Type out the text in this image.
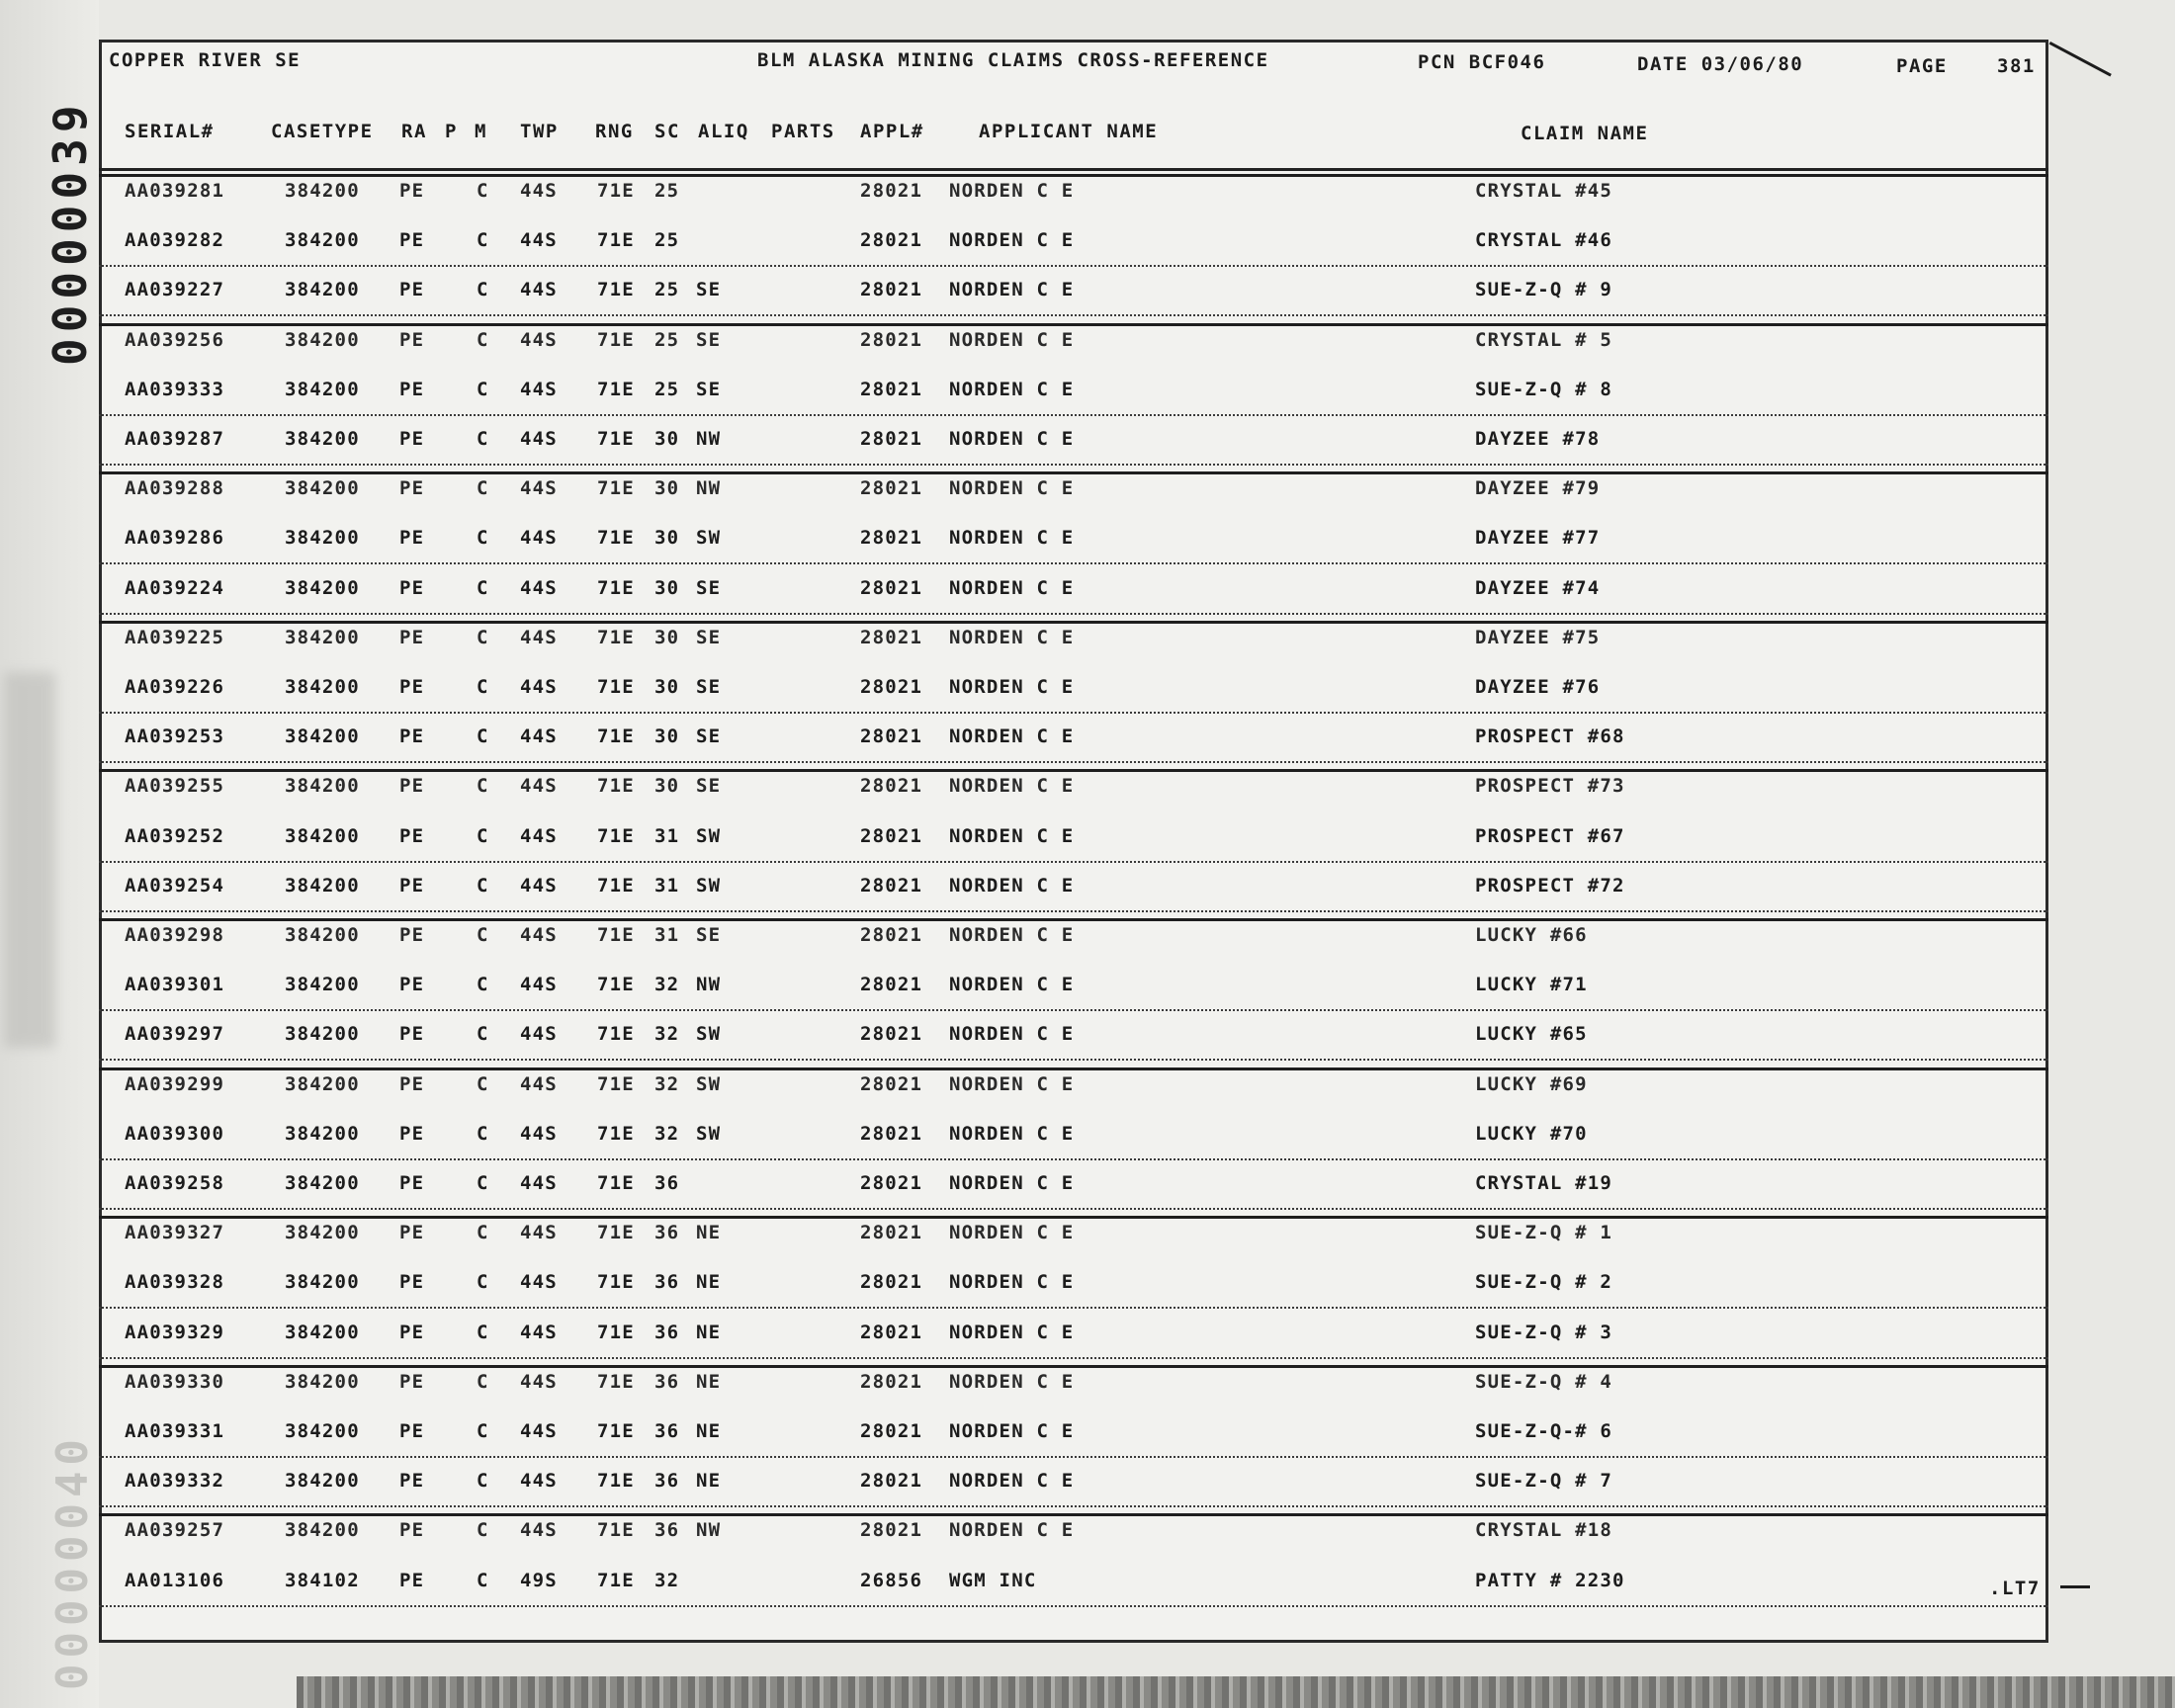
00000039
00000040
COPPER RIVER SE	BLM ALASKA MINING CLAIMS CROSS-REFERENCE	PCN BCF046	DATE 03/06/80	PAGE	381
SERIAL#	CASETYPE RA P M TWP RNG SC ALIQ PARTS APPL#	APPLICANT NAME	CLAIM NAME
AA039281	384200 PE	C 44S 71E 25	28021 NORDEN C E	CRYSTAL #45
AA039282	384200 PE	C 44S 71E 25	28021 NORDEN C E	CRYSTAL #46
AA039227	384200 PE	C 44S 71E 25 SE	28021 NORDEN C E	SUE-Z-Q # 9
AA039256	384200 PE	C 44S 71E 25 SE	28021 NORDEN C E	CRYSTAL # 5
AA039333	384200 PE	C 44S 71E 25 SE	28021 NORDEN C E	SUE-Z-Q # 8
AA039287	384200 PE	C 44S 71E 30 NW	28021 NORDEN C E	DAYZEE #78
AA039288	384200 PE	C 44S 71E 30 NW	28021 NORDEN C E	DAYZEE #79
AA039286	384200 PE	C 44S 71E 30 SW	28021 NORDEN C E	DAYZEE #77
AA039224	384200 PE	C 44S 71E 30 SE	28021 NORDEN C E	DAYZEE #74
AA039225	384200 PE	C 44S 71E 30 SE	28021 NORDEN C E	DAYZEE #75
AA039226	384200 PE	C 44S 71E 30 SE	28021 NORDEN C E	DAYZEE #76
AA039253	384200 PE	C 44S 71E 30 SE	28021 NORDEN C E	PROSPECT #68
AA039255	384200 PE	C 44S 71E 30 SE	28021 NORDEN C E	PROSPECT #73
AA039252	384200 PE	C 44S 71E 31 SW	28021 NORDEN C E	PROSPECT #67
AA039254	384200 PE	C 44S 71E 31 SW	28021 NORDEN C E	PROSPECT #72
AA039298	384200 PE	C 44S 71E 31 SE	28021 NORDEN C E	LUCKY #66
AA039301	384200 PE	C 44S 71E 32 NW	28021 NORDEN C E	LUCKY #71
AA039297	384200 PE	C 44S 71E 32 SW	28021 NORDEN C E	LUCKY #65
AA039299	384200 PE	C 44S 71E 32 SW	28021 NORDEN C E	LUCKY #69
AA039300	384200 PE	C 44S 71E 32 SW	28021 NORDEN C E	LUCKY #70
AA039258	384200 PE	C 44S 71E 36	28021 NORDEN C E	CRYSTAL #19
AA039327	384200 PE	C 44S 71E 36 NE	28021 NORDEN C E	SUE-Z-Q # 1
AA039328	384200 PE	C 44S 71E 36 NE	28021 NORDEN C E	SUE-Z-Q # 2
AA039329	384200 PE	C 44S 71E 36 NE	28021 NORDEN C E	SUE-Z-Q # 3
AA039330	384200 PE	C 44S 71E 36 NE	28021 NORDEN C E	SUE-Z-Q # 4
AA039331	384200 PE	C 44S 71E 36 NE	28021 NORDEN C E	SUE-Z-Q-# 6
AA039332	384200 PE	C 44S 71E 36 NE	28021 NORDEN C E	SUE-Z-Q # 7
AA039257	384200 PE	C 44S 71E 36 NW	28021 NORDEN C E	CRYSTAL #18
AA013106	384102 PE	C 49S 71E 32	26856 WGM INC	PATTY # 2230	.LT7
